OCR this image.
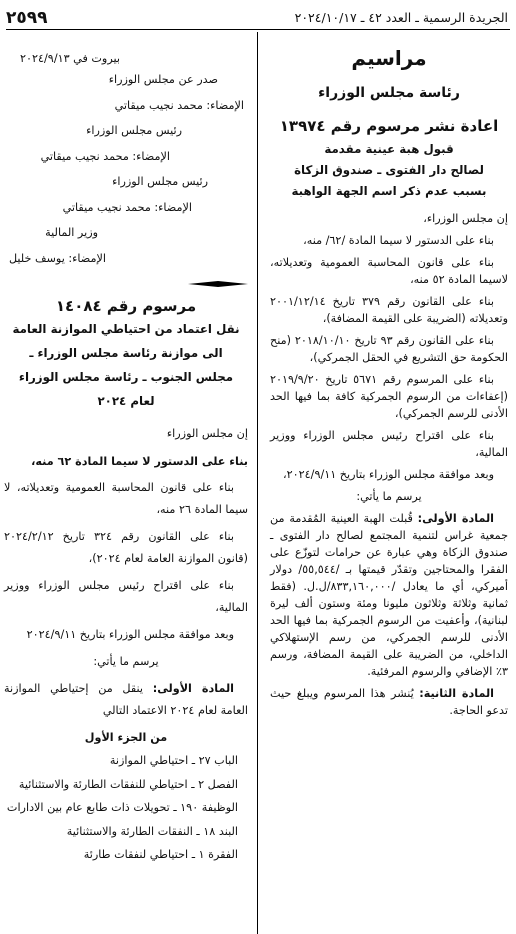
٢٥٩٩	الجريدة الرسمية ـ العدد ٤٢ ـ ٢٠٢٤/١٠/١٧
مراسيم
رئاسة مجلس الوزراء
اعادة نشر مرسوم رقم ١٣٩٧٤
قبول هبة عينية مقدمة
لصالح دار الفتوى ـ صندوق الزكاة
بسبب عدم ذكر اسم الجهة الواهبة

إن مجلس الوزراء،

بناء على الدستور لا سيما المادة /٦٢/ منه،

بناء على قانون المحاسبة العمومية وتعديلاته، لاسيما المادة ٥٢ منه،

بناء على القانون رقم ٣٧٩ تاريخ ٢٠٠١/١٢/١٤ وتعديلاته (الضريبة على القيمة المضافة)،

بناء على القانون رقم ٩٣ تاريخ ٢٠١٨/١٠/١٠ (منح الحكومة حق التشريع في الحقل الجمركي)،

بناء على المرسوم رقم ٥٦٧١ تاريخ ٢٠١٩/٩/٢٠ (إعفاءات من الرسوم الجمركية كافة بما فيها الحد الأدنى للرسم الجمركي)،

بناء على اقتراح رئيس مجلس الوزراء ووزير المالية،

وبعد موافقة مجلس الوزراء بتاريخ ٢٠٢٤/٩/١١،

يرسم ما يأتي:

المادة الأولى: قُبلت الهبة العينية المُقدمة من جمعية غراس لتنمية المجتمع لصالح دار الفتوى ـ صندوق الزكاة وهي عبارة عن حرامات لتوزّع على الفقرا والمحتاجين وتقدّر قيمتها بـ /٥٥,٥٤٤/ دولار أميركي، أي ما يعادل /٨٣٣,١٦٠,٠٠٠/ل.ل. (فقط ثمانية وثلاثة وثلاثون مليونا ومئة وستون ألف ليرة لبنانية)، وأعفيت من الرسوم الجمركية بما فيها الحد الأدنى للرسم الجمركي، من رسم الإستهلاكي الداخلي، من الضريبة على القيمة المضافة، ورسم ٣٪ الإضافي والرسوم المرفئية.

المادة الثانية: يُنشر هذا المرسوم ويبلغ حيث تدعو الحاجة.

بيروت في ٢٠٢٤/٩/١٣

صدر عن مجلس الوزراء

الإمضاء: محمد نجيب ميقاتي

رئيس مجلس الوزراء

الإمضاء: محمد نجيب ميقاتي

رئيس مجلس الوزراء

الإمضاء: محمد نجيب ميقاتي

وزير المالية

الإمضاء: يوسف خليل

مرسوم رقم ١٤٠٨٤
نقل اعتماد من احتياطي الموازنة العامة
الى موازنة رئاسة مجلس الوزراء ـ
مجلس الجنوب ـ رئاسة مجلس الوزراء
لعام ٢٠٢٤

إن مجلس الوزراء

بناء على الدستور لا سيما المادة ٦٢ منه،

بناء على قانون المحاسبة العمومية وتعديلاته، لا سيما المادة ٢٦ منه،

بناء على القانون رقم ٣٢٤ تاريخ ٢٠٢٤/٢/١٢ (قانون الموازنة العامة لعام ٢٠٢٤)،

بناء على اقتراح رئيس مجلس الوزراء ووزير المالية،

وبعد موافقة مجلس الوزراء بتاريخ ٢٠٢٤/٩/١١

يرسم ما يأتي:

المادة الأولى: ينقل من إحتياطي الموازنة العامة لعام ٢٠٢٤ الاعتماد التالي

من الجزء الأول

الباب ٢٧ ـ احتياطي الموازنة

الفصل ٢ ـ احتياطي للنفقات الطارئة والاستثنائية

الوظيفة ١٩٠ ـ تحويلات ذات طابع عام بين الادارات

البند ١٨ ـ النفقات الطارئة والاستثنائية

الفقرة ١ ـ احتياطي لنفقات طارئة
